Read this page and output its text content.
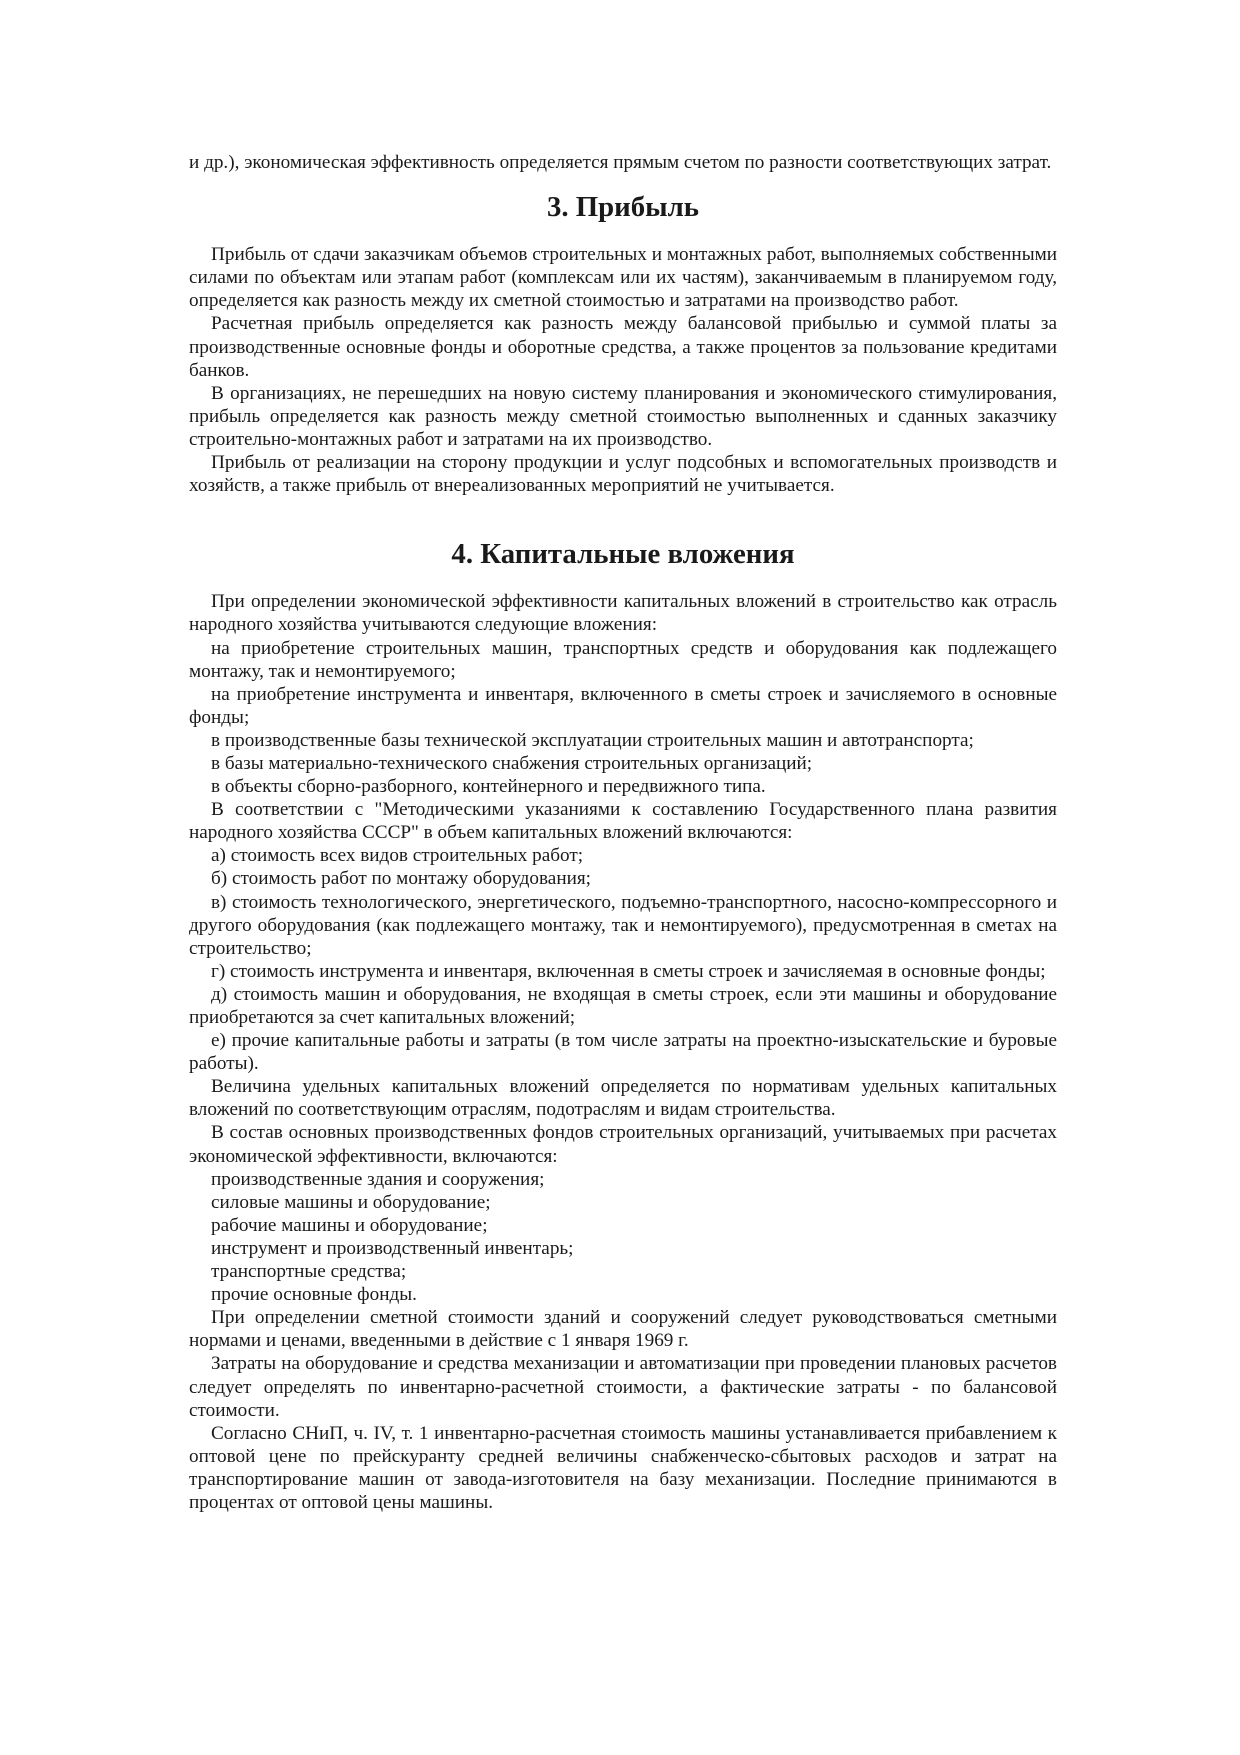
и др.), экономическая эффективность определяется прямым счетом по разности соответствующих затрат.

3. Прибыль

Прибыль от сдачи заказчикам объемов строительных и монтажных работ, выполняемых собственными силами по объектам или этапам работ (комплексам или их частям), заканчиваемым в планируемом году, определяется как разность между их сметной стоимостью и затратами на производство работ.

Расчетная прибыль определяется как разность между балансовой прибылью и суммой платы за производственные основные фонды и оборотные средства, а также процентов за пользование кредитами банков.

В организациях, не перешедших на новую систему планирования и экономического стимулирования, прибыль определяется как разность между сметной стоимостью выполненных и сданных заказчику строительно-монтажных работ и затратами на их производство.

Прибыль от реализации на сторону продукции и услуг подсобных и вспомогательных производств и хозяйств, а также прибыль от внереализованных мероприятий не учитывается.

4. Капитальные вложения

При определении экономической эффективности капитальных вложений в строительство как отрасль народного хозяйства учитываются следующие вложения:

на приобретение строительных машин, транспортных средств и оборудования как подлежащего монтажу, так и немонтируемого;

на приобретение инструмента и инвентаря, включенного в сметы строек и зачисляемого в основные фонды;

в производственные базы технической эксплуатации строительных машин и автотранспорта;

в базы материально-технического снабжения строительных организаций;

в объекты сборно-разборного, контейнерного и передвижного типа.

В соответствии с "Методическими указаниями к составлению Государственного плана развития народного хозяйства СССР" в объем капитальных вложений включаются:

а) стоимость всех видов строительных работ;

б) стоимость работ по монтажу оборудования;

в) стоимость технологического, энергетического, подъемно-транспортного, насосно-компрессорного и другого оборудования (как подлежащего монтажу, так и немонтируемого), предусмотренная в сметах на строительство;

г) стоимость инструмента и инвентаря, включенная в сметы строек и зачисляемая в основные фонды;

д) стоимость машин и оборудования, не входящая в сметы строек, если эти машины и оборудование приобретаются за счет капитальных вложений;

е) прочие капитальные работы и затраты (в том числе затраты на проектно-изыскательские и буровые работы).

Величина удельных капитальных вложений определяется по нормативам удельных капитальных вложений по соответствующим отраслям, подотраслям и видам строительства.

В состав основных производственных фондов строительных организаций, учитываемых при расчетах экономической эффективности, включаются:

производственные здания и сооружения;

силовые машины и оборудование;

рабочие машины и оборудование;

инструмент и производственный инвентарь;

транспортные средства;

прочие основные фонды.

При определении сметной стоимости зданий и сооружений следует руководствоваться сметными нормами и ценами, введенными в действие с 1 января 1969 г.

Затраты на оборудование и средства механизации и автоматизации при проведении плановых расчетов следует определять по инвентарно-расчетной стоимости, а фактические затраты - по балансовой стоимости.

Согласно СНиП, ч. IV, т. 1 инвентарно-расчетная стоимость машины устанавливается прибавлением к оптовой цене по прейскуранту средней величины снабженческо-сбытовых расходов и затрат на транспортирование машин от завода-изготовителя на базу механизации. Последние принимаются в процентах от оптовой цены машины.
